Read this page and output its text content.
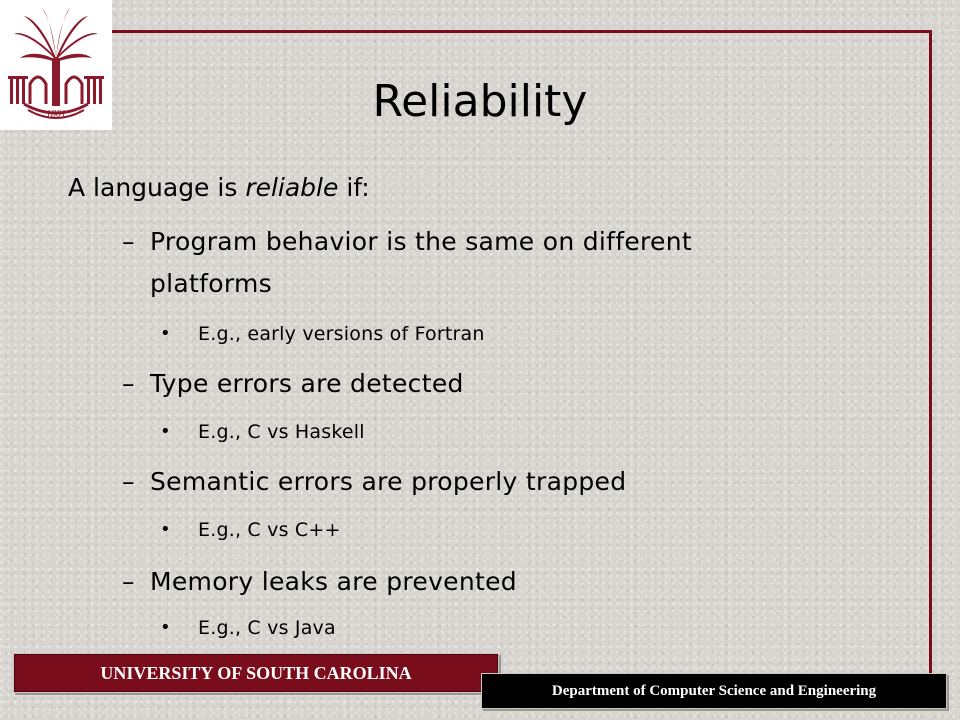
1801	Reliability
A language is reliable if:
– Program behavior is the same on different
platforms
• E.g., early versions of Fortran
– Type errors are detected
• E.g., C vs Haskell
– Semantic errors are properly trapped
• E.g., C vs C++
– Memory leaks are prevented
• E.g., C vs Java
UNIVERSITY OF SOUTH CAROLINA
Department of Computer Science and Engineering
